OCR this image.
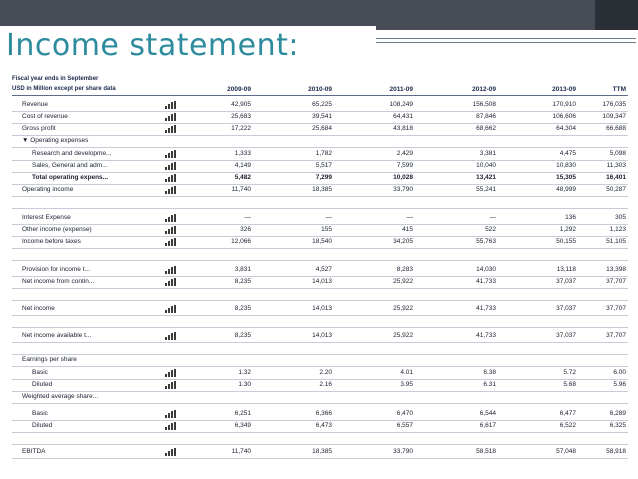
Income statement:
Fiscal year ends in September
USD in Million except per share data	2009-09	2010-09	2011-09	2012-09	2013-09	TTM
Revenue	42,905	65,225	108,249	156,508	170,910	176,035
Cost of revenue	25,683	39,541	64,431	87,846	106,606	109,347
Gross profit	17,222	25,684	43,818	68,662	64,304	66,688
▼ Operating expenses
Research and developme...	1,333	1,782	2,429	3,381	4,475	5,098
Sales, General and adm...	4,149	5,517	7,599	10,040	10,830	11,303
Total operating expens...	5,482	7,299	10,028	13,421	15,305	16,401
Operating income	11,740	18,385	33,790	55,241	48,999	50,287
Interest Expense	—	—	—	—	136	305
Other income (expense)	326	155	415	522	1,292	1,123
Income before taxes	12,066	18,540	34,205	55,763	50,155	51,105
Provision for income t...	3,831	4,527	8,283	14,030	13,118	13,398
Net income from contin...	8,235	14,013	25,922	41,733	37,037	37,707
Net income	8,235	14,013	25,922	41,733	37,037	37,707
Net income available t...	8,235	14,013	25,922	41,733	37,037	37,707
Earnings per share
Basic	1.32	2.20	4.01	6.38	5.72	6.00
Diluted	1.30	2.16	3.95	6.31	5.68	5.96
Weighted average share...
Basic	6,251	6,366	6,470	6,544	6,477	6,289
Diluted	6,349	6,473	6,557	6,617	6,522	6,325
EBITDA	11,740	18,385	33,790	58,518	57,048	58,918
